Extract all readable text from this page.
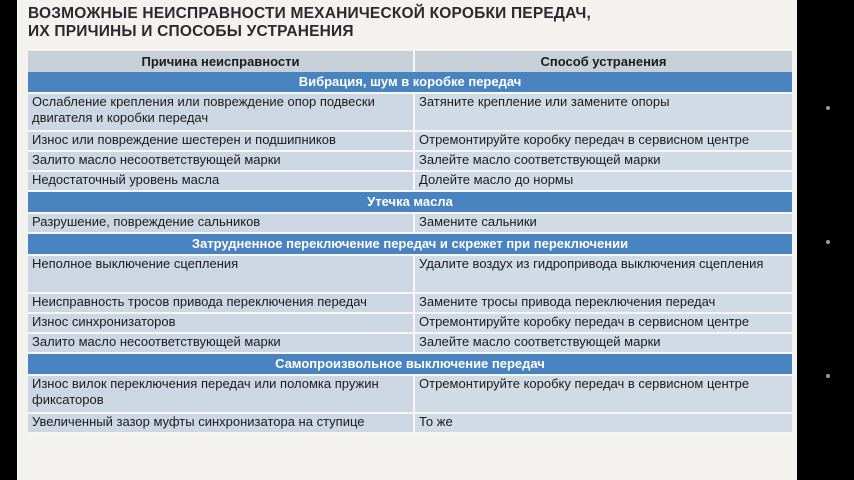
ВОЗМОЖНЫЕ НЕИСПРАВНОСТИ МЕХАНИЧЕСКОЙ КОРОБКИ ПЕРЕДАЧ,
ИХ ПРИЧИНЫ И СПОСОБЫ УСТРАНЕНИЯ
Причина неисправности	Способ устранения
Вибрация, шум в коробке передач	
Ослабление крепления или повреждение опор подвески двигателя и коробки передач	Затяните крепление или замените опоры
Износ или повреждение шестерен и подшипников	Отремонтируйте коробку передач в сервисном центре
Залито масло несоответствующей марки	Залейте масло соответствующей марки
Недостаточный уровень масла	Долейте масло до нормы
Утечка масла	
Разрушение, повреждение сальников	Замените сальники
Затрудненное переключение передач и скрежет при переключении	
Неполное выключение сцепления	Удалите воздух из гидропривода выключения сцепления
Неисправность тросов привода переключения передач	Замените тросы привода переключения передач
Износ синхронизаторов	Отремонтируйте коробку передач в сервисном центре
Залито масло несоответствующей марки	Залейте масло соответствующей марки
Самопроизвольное выключение передач	
Износ вилок переключения передач или поломка пружин фиксаторов	Отремонтируйте коробку передач в сервисном центре
Увеличенный зазор муфты синхронизатора на ступице	То же
